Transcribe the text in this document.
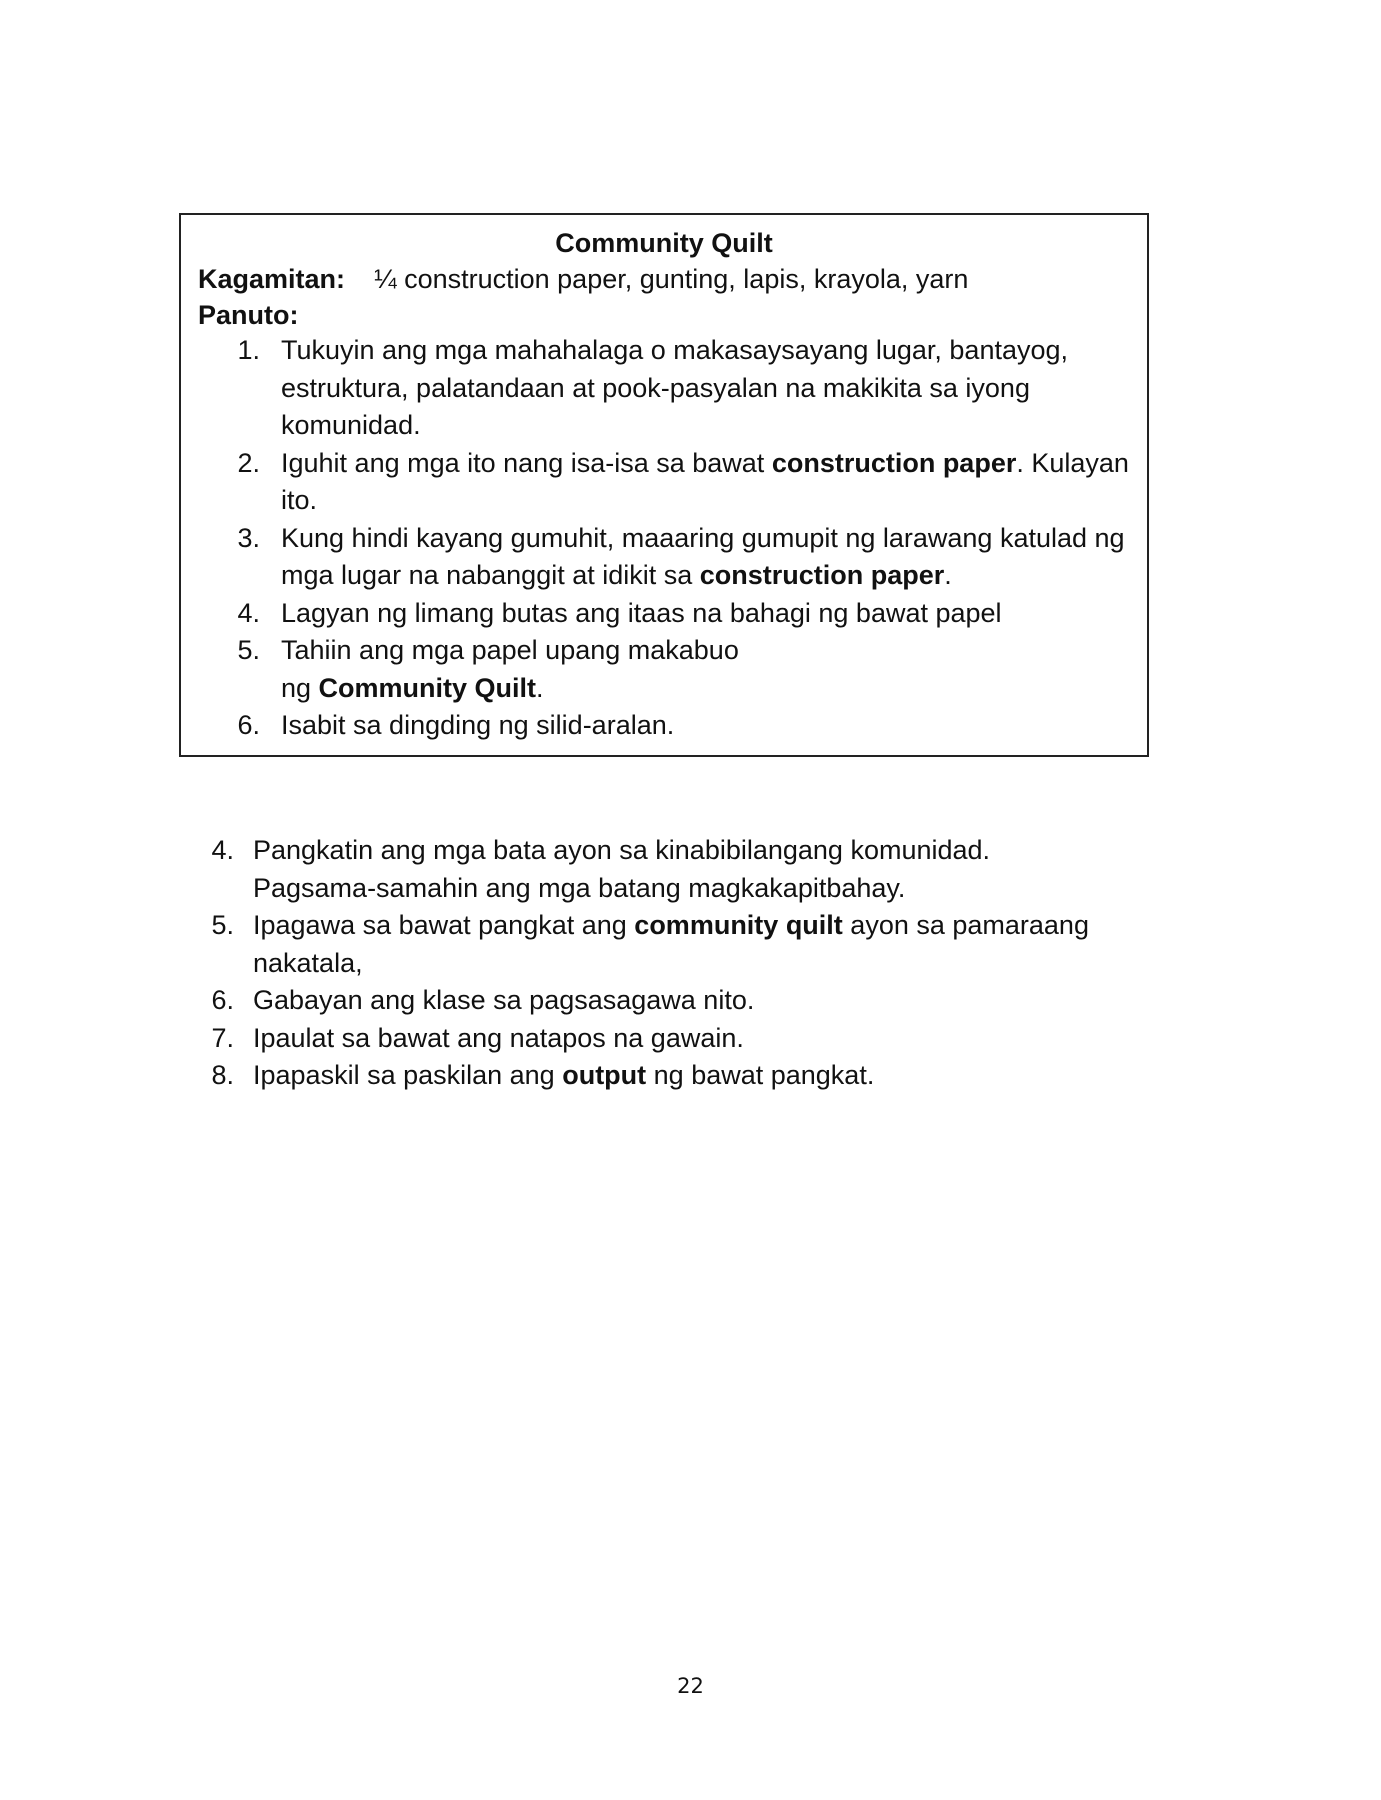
Community Quilt
Kagamitan: ¼ construction paper, gunting, lapis, krayola, yarn
Panuto:
1. Tukuyin ang mga mahahalaga o makasaysayang lugar, bantayog, estruktura, palatandaan at pook-pasyalan na makikita sa iyong komunidad.
2. Iguhit ang mga ito nang isa-isa sa bawat construction paper. Kulayan ito.
3. Kung hindi kayang gumuhit, maaaring gumupit ng larawang katulad ng mga lugar na nabanggit at idikit sa construction paper.
4. Lagyan ng limang butas ang itaas na bahagi ng bawat papel
5. Tahiin ang mga papel upang makabuo
ng Community Quilt.
6. Isabit sa dingding ng silid-aralan.
4. Pangkatin ang mga bata ayon sa kinabibilangang komunidad.
Pagsama-samahin ang mga batang magkakapitbahay.
5. Ipagawa sa bawat pangkat ang community quilt ayon sa pamaraang nakatala,
6. Gabayan ang klase sa pagsasagawa nito.
7. Ipaulat sa bawat ang natapos na gawain.
8. Ipapaskil sa paskilan ang output ng bawat pangkat.
22
